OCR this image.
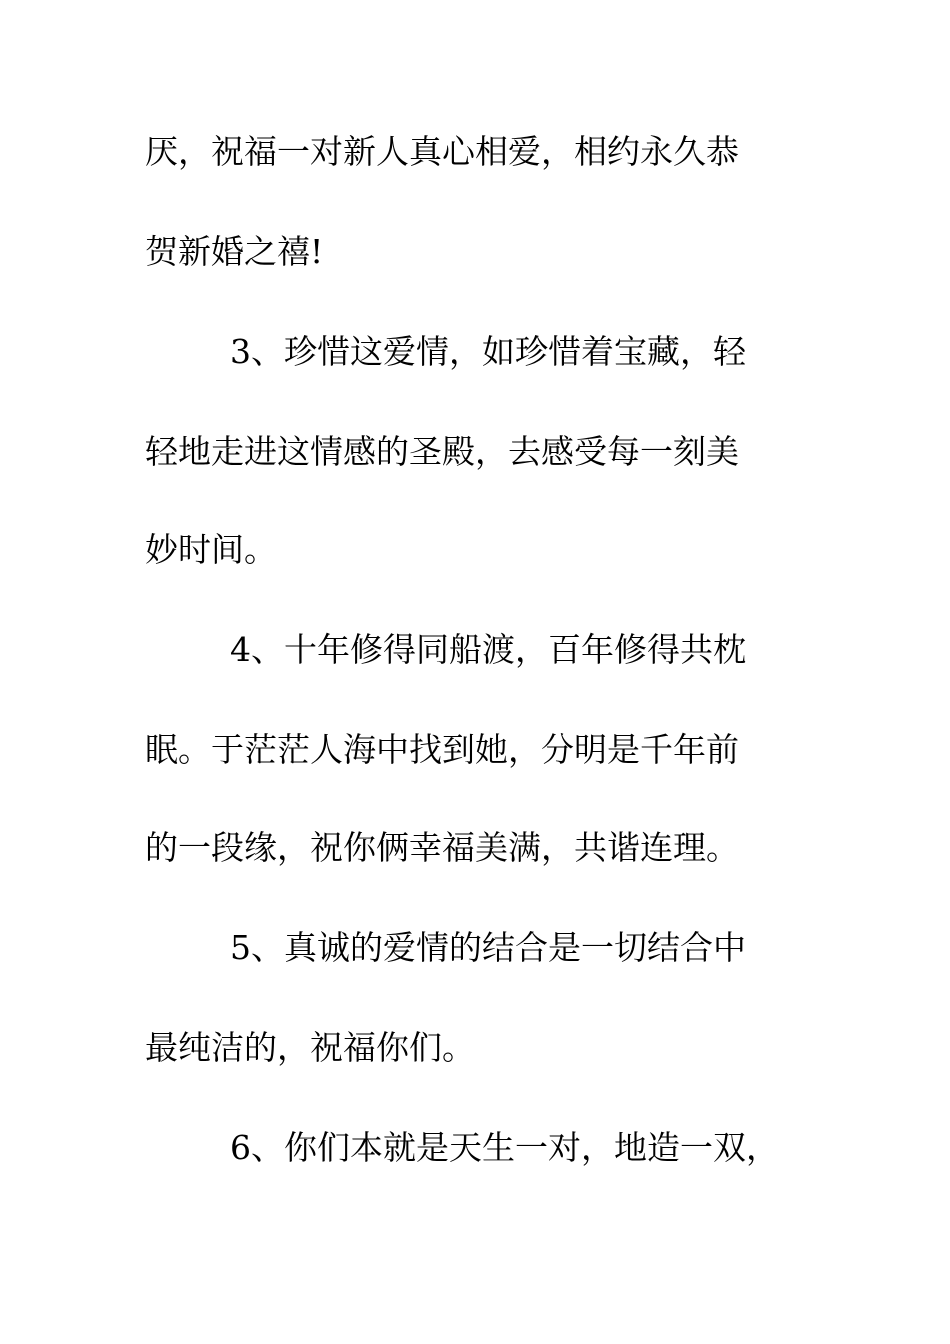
厌，祝福一对新人真心相爱，相约永久恭
贺新婚之禧!
3、珍惜这爱情，如珍惜着宝藏，轻
轻地走进这情感的圣殿，去感受每一刻美
妙时间。
4、十年修得同船渡，百年修得共枕
眠。于茫茫人海中找到她，分明是千年前
的一段缘，祝你俩幸福美满，共谐连理。
5、真诚的爱情的结合是一切结合中
最纯洁的，祝福你们。
6、你们本就是天生一对，地造一双，
